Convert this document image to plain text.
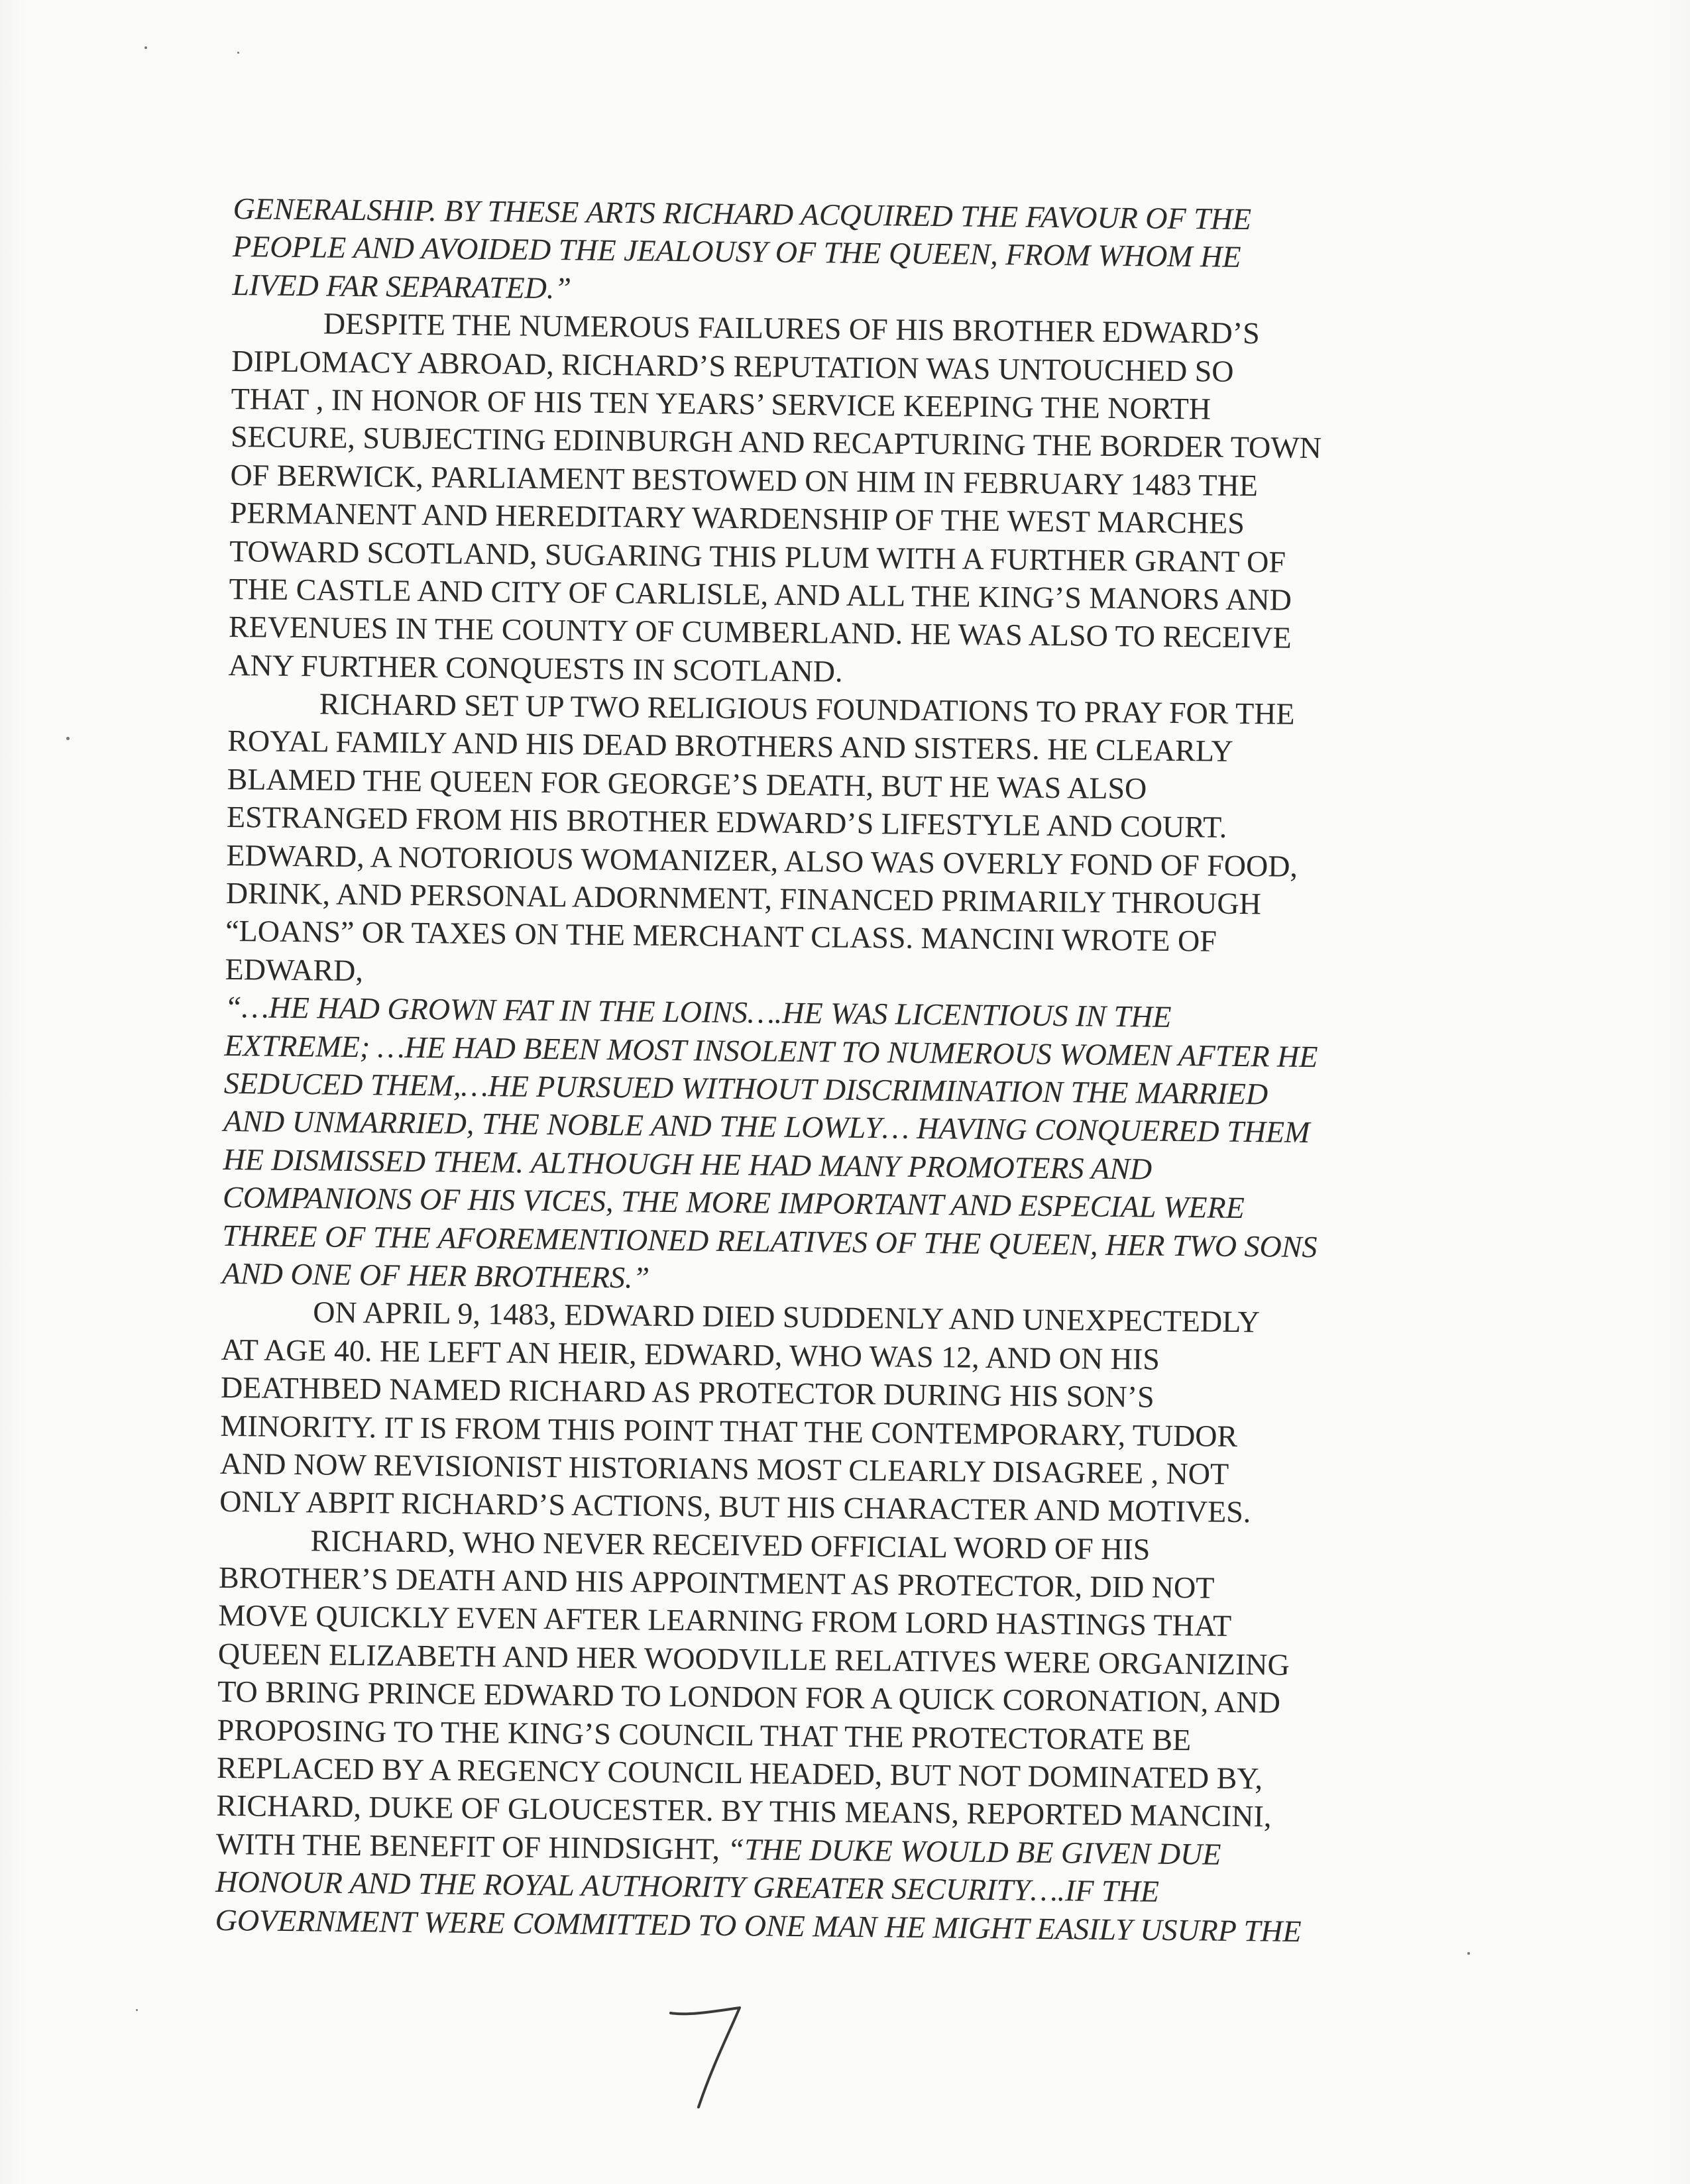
GENERALSHIP. BY THESE ARTS RICHARD ACQUIRED THE FAVOUR OF THE
PEOPLE AND AVOIDED THE JEALOUSY OF THE QUEEN, FROM WHOM HE
LIVED FAR SEPARATED.”
DESPITE THE NUMEROUS FAILURES OF HIS BROTHER EDWARD’S
DIPLOMACY ABROAD, RICHARD’S REPUTATION WAS UNTOUCHED SO
THAT , IN HONOR OF HIS TEN YEARS’ SERVICE KEEPING THE NORTH
SECURE, SUBJECTING EDINBURGH AND RECAPTURING THE BORDER TOWN
OF BERWICK, PARLIAMENT BESTOWED ON HIM IN FEBRUARY 1483 THE
PERMANENT AND HEREDITARY WARDENSHIP OF THE WEST MARCHES
TOWARD SCOTLAND, SUGARING THIS PLUM WITH A FURTHER GRANT OF
THE CASTLE AND CITY OF CARLISLE, AND ALL THE KING’S MANORS AND
REVENUES IN THE COUNTY OF CUMBERLAND. HE WAS ALSO TO RECEIVE
ANY FURTHER CONQUESTS IN SCOTLAND.
RICHARD SET UP TWO RELIGIOUS FOUNDATIONS TO PRAY FOR THE
ROYAL FAMILY AND HIS DEAD BROTHERS AND SISTERS. HE CLEARLY
BLAMED THE QUEEN FOR GEORGE’S DEATH, BUT HE WAS ALSO
ESTRANGED FROM HIS BROTHER EDWARD’S LIFESTYLE AND COURT.
EDWARD, A NOTORIOUS WOMANIZER, ALSO WAS OVERLY FOND OF FOOD,
DRINK, AND PERSONAL ADORNMENT, FINANCED PRIMARILY THROUGH
“LOANS” OR TAXES ON THE MERCHANT CLASS. MANCINI WROTE OF
EDWARD,
“…HE HAD GROWN FAT IN THE LOINS….HE WAS LICENTIOUS IN THE
EXTREME; …HE HAD BEEN MOST INSOLENT TO NUMEROUS WOMEN AFTER HE
SEDUCED THEM,…HE PURSUED WITHOUT DISCRIMINATION THE MARRIED
AND UNMARRIED, THE NOBLE AND THE LOWLY… HAVING CONQUERED THEM
HE DISMISSED THEM. ALTHOUGH HE HAD MANY PROMOTERS AND
COMPANIONS OF HIS VICES, THE MORE IMPORTANT AND ESPECIAL WERE
THREE OF THE AFOREMENTIONED RELATIVES OF THE QUEEN, HER TWO SONS
AND ONE OF HER BROTHERS.”
ON APRIL 9, 1483, EDWARD DIED SUDDENLY AND UNEXPECTEDLY
AT AGE 40. HE LEFT AN HEIR, EDWARD, WHO WAS 12, AND ON HIS
DEATHBED NAMED RICHARD AS PROTECTOR DURING HIS SON’S
MINORITY. IT IS FROM THIS POINT THAT THE CONTEMPORARY, TUDOR
AND NOW REVISIONIST HISTORIANS MOST CLEARLY DISAGREE , NOT
ONLY ABPIT RICHARD’S ACTIONS, BUT HIS CHARACTER AND MOTIVES.
RICHARD, WHO NEVER RECEIVED OFFICIAL WORD OF HIS
BROTHER’S DEATH AND HIS APPOINTMENT AS PROTECTOR, DID NOT
MOVE QUICKLY EVEN AFTER LEARNING FROM LORD HASTINGS THAT
QUEEN ELIZABETH AND HER WOODVILLE RELATIVES WERE ORGANIZING
TO BRING PRINCE EDWARD TO LONDON FOR A QUICK CORONATION, AND
PROPOSING TO THE KING’S COUNCIL THAT THE PROTECTORATE BE
REPLACED BY A REGENCY COUNCIL HEADED, BUT NOT DOMINATED BY,
RICHARD, DUKE OF GLOUCESTER. BY THIS MEANS, REPORTED MANCINI,
WITH THE BENEFIT OF HINDSIGHT, “THE DUKE WOULD BE GIVEN DUE
HONOUR AND THE ROYAL AUTHORITY GREATER SECURITY….IF THE
GOVERNMENT WERE COMMITTED TO ONE MAN HE MIGHT EASILY USURP THE
